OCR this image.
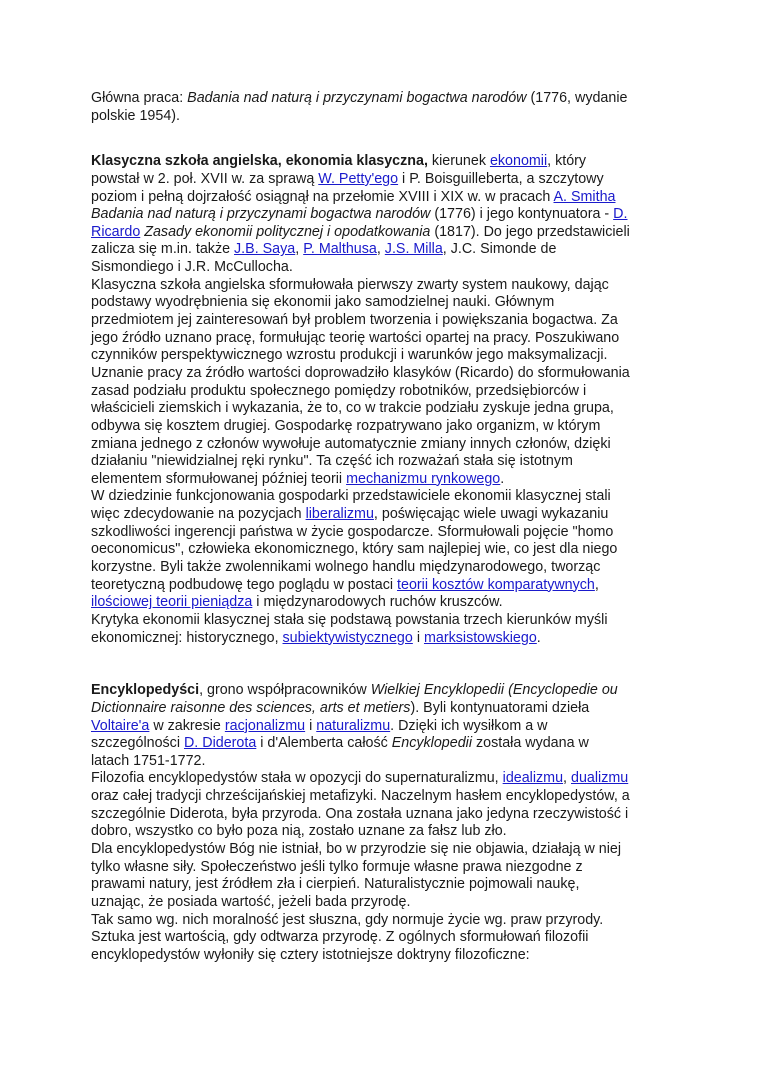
Główna praca: Badania nad naturą i przyczynami bogactwa narodów (1776, wydanie
polskie 1954).
Klasyczna szkoła angielska, ekonomia klasyczna, kierunek ekonomii, który
powstał w 2. poł. XVII w. za sprawą W. Petty'ego i P. Boisguilleberta, a szczytowy
poziom i pełną dojrzałość osiągnął na przełomie XVIII i XIX w. w pracach A. Smitha
Badania nad naturą i przyczynami bogactwa narodów (1776) i jego kontynuatora - D.
Ricardo Zasady ekonomii politycznej i opodatkowania (1817). Do jego przedstawicieli
zalicza się m.in. także J.B. Saya, P. Malthusa, J.S. Milla, J.C. Simonde de
Sismondiego i J.R. McCullocha.
Klasyczna szkoła angielska sformułowała pierwszy zwarty system naukowy, dając
podstawy wyodrębnienia się ekonomii jako samodzielnej nauki. Głównym
przedmiotem jej zainteresowań był problem tworzenia i powiększania bogactwa. Za
jego źródło uznano pracę, formułując teorię wartości opartej na pracy. Poszukiwano
czynników perspektywicznego wzrostu produkcji i warunków jego maksymalizacji.
Uznanie pracy za źródło wartości doprowadziło klasyków (Ricardo) do sformułowania
zasad podziału produktu społecznego pomiędzy robotników, przedsiębiorców i
właścicieli ziemskich i wykazania, że to, co w trakcie podziału zyskuje jedna grupa,
odbywa się kosztem drugiej. Gospodarkę rozpatrywano jako organizm, w którym
zmiana jednego z członów wywołuje automatycznie zmiany innych członów, dzięki
działaniu "niewidzialnej ręki rynku". Ta część ich rozważań stała się istotnym
elementem sformułowanej później teorii mechanizmu rynkowego.
W dziedzinie funkcjonowania gospodarki przedstawiciele ekonomii klasycznej stali
więc zdecydowanie na pozycjach liberalizmu, poświęcając wiele uwagi wykazaniu
szkodliwości ingerencji państwa w życie gospodarcze. Sformułowali pojęcie "homo
oeconomicus", człowieka ekonomicznego, który sam najlepiej wie, co jest dla niego
korzystne. Byli także zwolennikami wolnego handlu międzynarodowego, tworząc
teoretyczną podbudowę tego poglądu w postaci teorii kosztów komparatywnych,
ilościowej teorii pieniądza i międzynarodowych ruchów kruszców.
Krytyka ekonomii klasycznej stała się podstawą powstania trzech kierunków myśli
ekonomicznej: historycznego, subiektywistycznego i marksistowskiego.
Encyklopedyści, grono współpracowników Wielkiej Encyklopedii (Encyclopedie ou
Dictionnaire raisonne des sciences, arts et metiers). Byli kontynuatorami dzieła
Voltaire'a w zakresie racjonalizmu i naturalizmu. Dzięki ich wysiłkom a w
szczególności D. Diderota i d'Alemberta całość Encyklopedii została wydana w
latach 1751-1772.
Filozofia encyklopedystów stała w opozycji do supernaturalizmu, idealizmu, dualizmu
oraz całej tradycji chrześcijańskiej metafizyki. Naczelnym hasłem encyklopedystów, a
szczególnie Diderota, była przyroda. Ona została uznana jako jedyna rzeczywistość i
dobro, wszystko co było poza nią, zostało uznane za fałsz lub zło.
Dla encyklopedystów Bóg nie istniał, bo w przyrodzie się nie objawia, działają w niej
tylko własne siły. Społeczeństwo jeśli tylko formuje własne prawa niezgodne z
prawami natury, jest źródłem zła i cierpień. Naturalistycznie pojmowali naukę,
uznając, że posiada wartość, jeżeli bada przyrodę.
Tak samo wg. nich moralność jest słuszna, gdy normuje życie wg. praw przyrody.
Sztuka jest wartością, gdy odtwarza przyrodę. Z ogólnych sformułowań filozofii
encyklopedystów wyłoniły się cztery istotniejsze doktryny filozoficzne:
